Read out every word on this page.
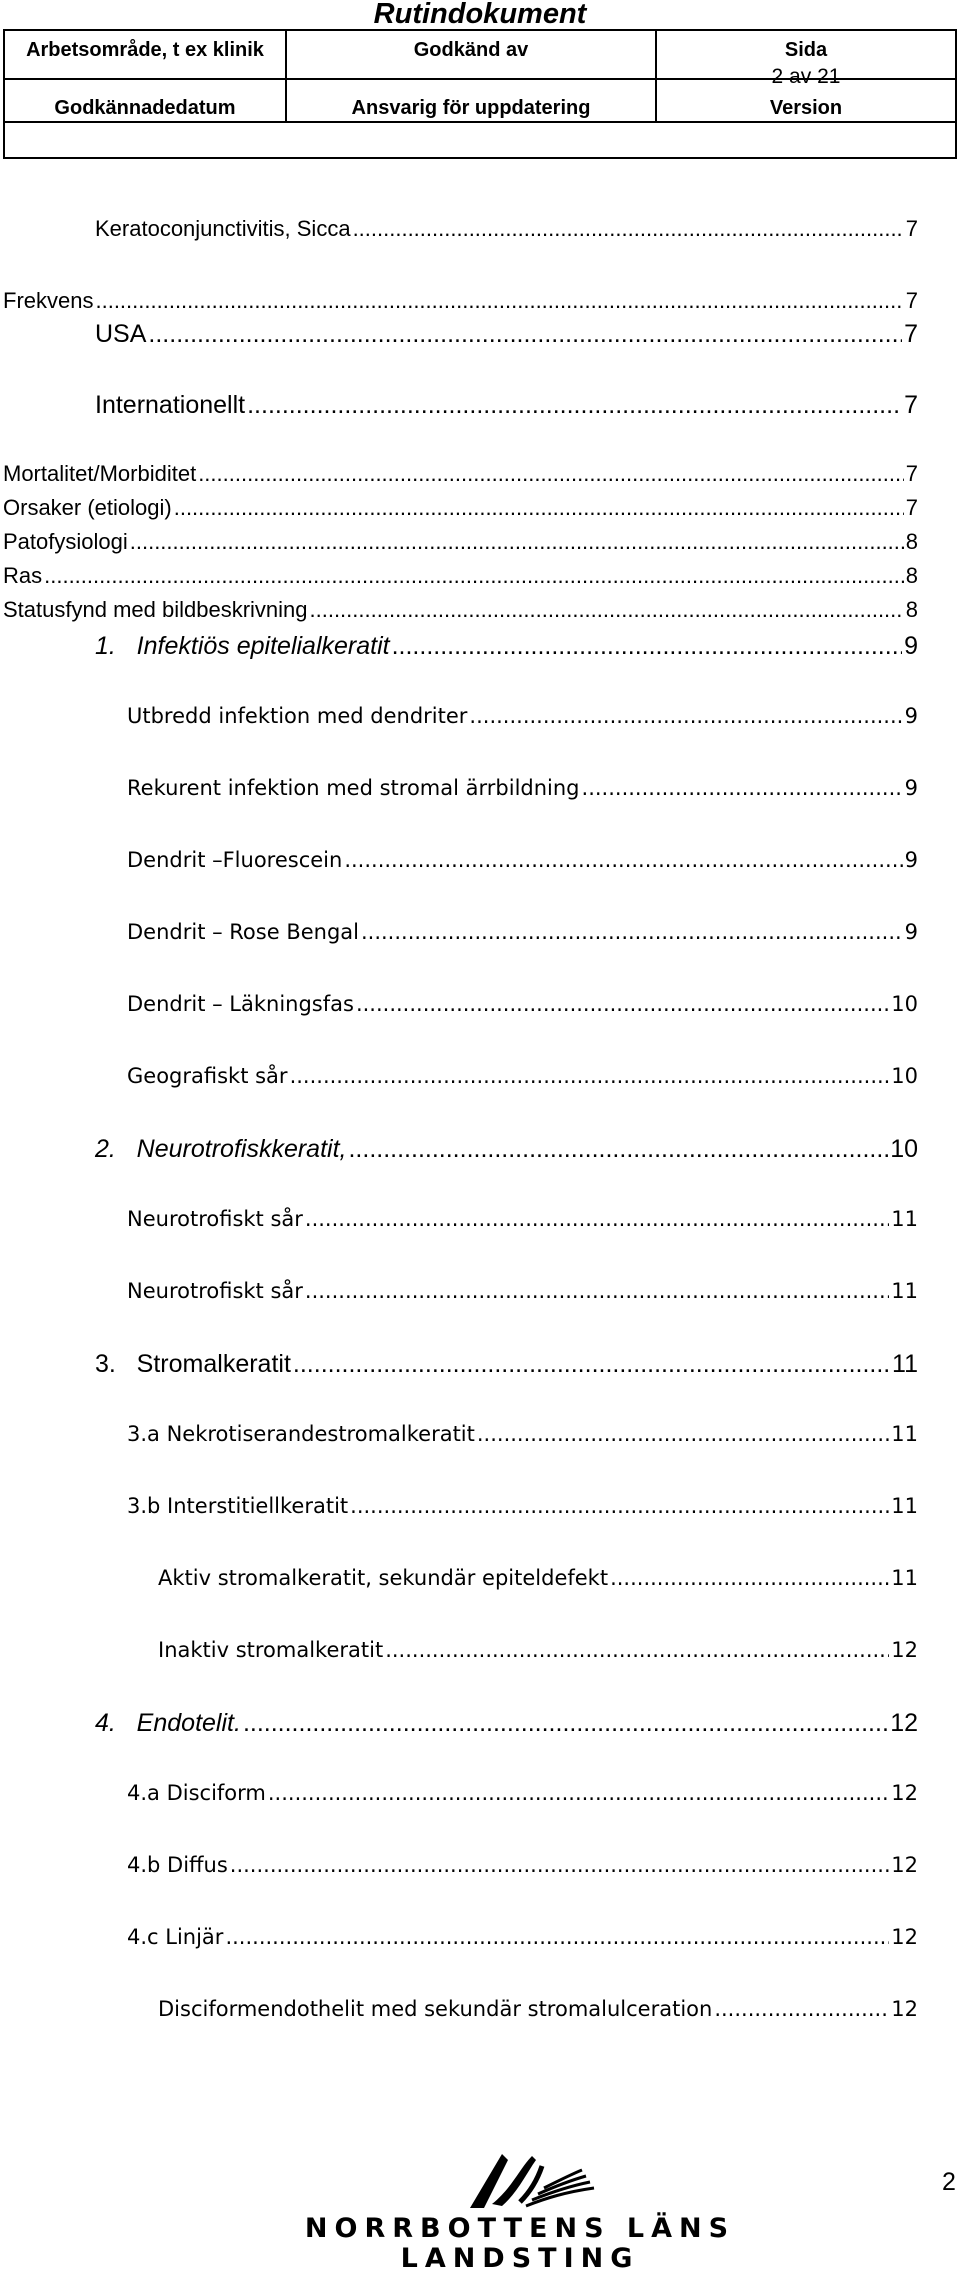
Rutindokument
Arbetsområde, t ex klinik	Godkänd av	Sida
2 av 21
Godkännadedatum	Ansvarig för uppdatering	Version
Keratoconjunctivitis, Sicca .....	7
Frekvens .....	7
USA .....	7
Internationellt .....	7
Mortalitet/Morbiditet .....	7
Orsaker (etiologi) .....	7
Patofysiologi .....	8
Ras .....	8
Statusfynd med bildbeskrivning .....	8
1.   Infektiös epitelialkeratit .....	9
Utbredd infektion med dendriter .....	9
Rekurent infektion med stromal ärrbildning .....	9
Dendrit –Fluorescein .....	9
Dendrit – Rose Bengal .....	9
Dendrit – Läkningsfas .....	10
Geografiskt sår .....	10
2.   Neurotrofiskkeratit, .....	10
Neurotrofiskt sår .....	11
Neurotrofiskt sår .....	11
3.   Stromalkeratit .....	11
3.a Nekrotiserandestromalkeratit .....	11
3.b Interstitiellkeratit .....	11
Aktiv stromalkeratit, sekundär epiteldefekt .....	11
Inaktiv stromalkeratit .....	12
4.   Endotelit. .....	12
4.a Disciform .....	12
4.b Diffus .....	12
4.c Linjär .....	12
Disciformendothelit med sekundär stromalulceration .....	12
NORRBOTTENS LÄNS LANDSTING
2
